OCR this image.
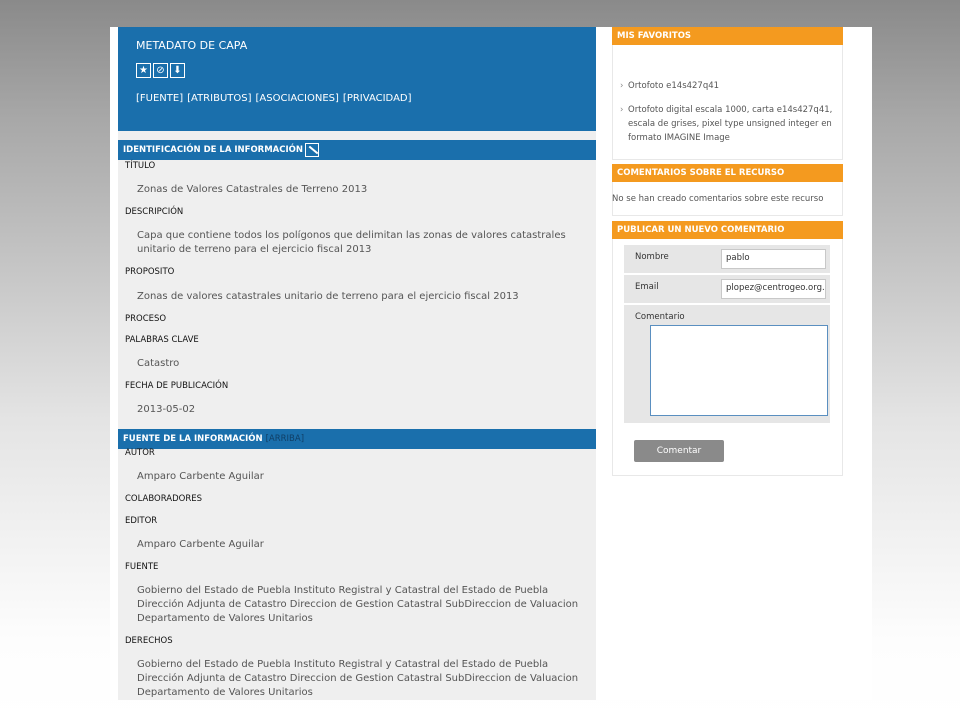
METADATO DE CAPA
★ ⊘ ⬇
[FUENTE] [ATRIBUTOS] [ASOCIACIONES] [PRIVACIDAD]
IDENTIFICACIÓN DE LA INFORMACIÓN
TÍTULO
Zonas de Valores Catastrales de Terreno 2013
DESCRIPCIÓN
Capa que contiene todos los polígonos que delimitan las zonas de valores catastrales unitario de terreno para el ejercicio fiscal 2013
PROPOSITO
Zonas de valores catastrales unitario de terreno para el ejercicio fiscal 2013
PROCESO
PALABRAS CLAVE
Catastro
FECHA DE PUBLICACIÓN
2013-05-02
FUENTE DE LA INFORMACIÓN [ARRIBA]
AUTOR
Amparo Carbente Aguilar
COLABORADORES
EDITOR
Amparo Carbente Aguilar
FUENTE
Gobierno del Estado de Puebla Instituto Registral y Catastral del Estado de Puebla Dirección Adjunta de Catastro Direccion de Gestion Catastral SubDireccion de Valuacion Departamento de Valores Unitarios
DERECHOS
Gobierno del Estado de Puebla Instituto Registral y Catastral del Estado de Puebla Dirección Adjunta de Catastro Direccion de Gestion Catastral SubDireccion de Valuacion Departamento de Valores Unitarios
MIS FAVORITOS
› Ortofoto e14s427q41
› Ortofoto digital escala 1000, carta e14s427q41, escala de grises, pixel type unsigned integer en formato IMAGINE Image
COMENTARIOS SOBRE EL RECURSO
No se han creado comentarios sobre este recurso
PUBLICAR UN NUEVO COMENTARIO
Nombre	pablo
Email	plopez@centrogeo.org.
Comentario
Comentar
